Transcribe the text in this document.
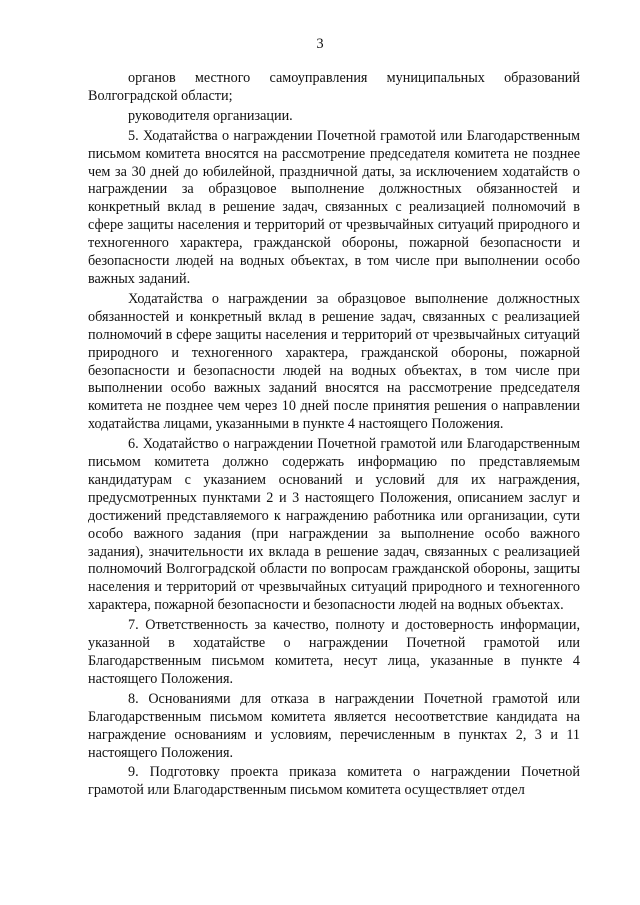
3

органов местного самоуправления муниципальных образований Волгоградской области;

руководителя организации.

5. Ходатайства о награждении Почетной грамотой или Благодарственным письмом комитета вносятся на рассмотрение председателя комитета не позднее чем за 30 дней до юбилейной, праздничной даты, за исключением ходатайств о награждении за образцовое выполнение должностных обязанностей и конкретный вклад в решение задач, связанных с реализацией полномочий в сфере защиты населения и территорий от чрезвычайных ситуаций природного и техногенного характера, гражданской обороны, пожарной безопасности и безопасности людей на водных объектах, в том числе при выполнении особо важных заданий.

Ходатайства о награждении за образцовое выполнение должностных обязанностей и конкретный вклад в решение задач, связанных с реализацией полномочий в сфере защиты населения и территорий от чрезвычайных ситуаций природного и техногенного характера, гражданской обороны, пожарной безопасности и безопасности людей на водных объектах, в том числе при выполнении особо важных заданий вносятся на рассмотрение председателя комитета не позднее чем через 10 дней после принятия решения о направлении ходатайства лицами, указанными в пункте 4 настоящего Положения.

6. Ходатайство о награждении Почетной грамотой или Благодарственным письмом комитета должно содержать информацию по представляемым кандидатурам с указанием оснований и условий для их награждения, предусмотренных пунктами 2 и 3 настоящего Положения, описанием заслуг и достижений представляемого к награждению работника или организации, сути особо важного задания (при награждении за выполнение особо важного задания), значительности их вклада в решение задач, связанных с реализацией полномочий Волгоградской области по вопросам гражданской обороны, защиты населения и территорий от чрезвычайных ситуаций природного и техногенного характера, пожарной безопасности и безопасности людей на водных объектах.

7. Ответственность за качество, полноту и достоверность информации, указанной в ходатайстве о награждении Почетной грамотой или Благодарственным письмом комитета, несут лица, указанные в пункте 4 настоящего Положения.

8. Основаниями для отказа в награждении Почетной грамотой или Благодарственным письмом комитета является несоответствие кандидата на награждение основаниям и условиям, перечисленным в пунктах 2, 3 и 11 настоящего Положения.

9. Подготовку проекта приказа комитета о награждении Почетной грамотой или Благодарственным письмом комитета осуществляет отдел
